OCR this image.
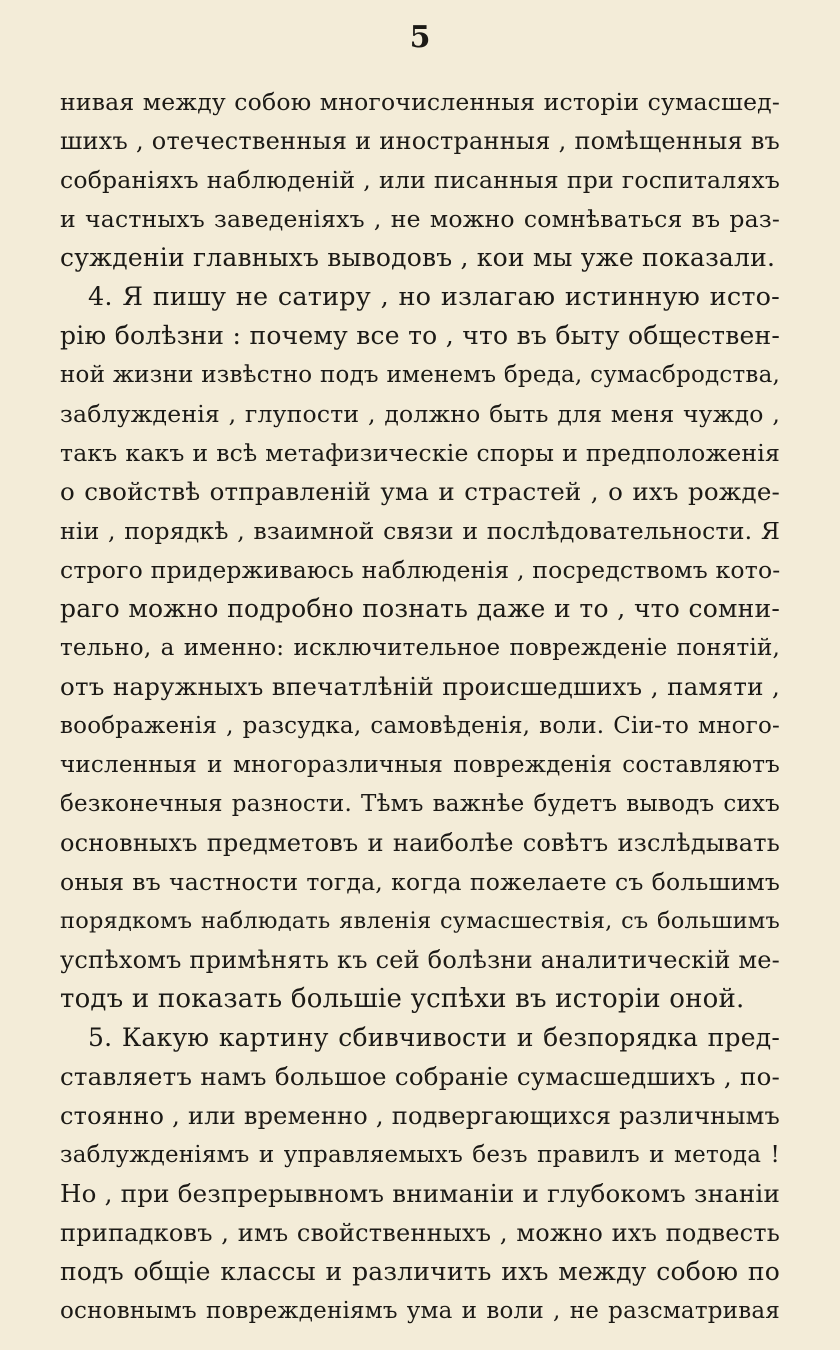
5
нивая между собою многочисленныя исторіи сумасшед-
шихъ , отечественныя и иностранныя , помѣщенныя въ
собраніяхъ наблюденій , или писанныя при госпиталяхъ
и частныхъ заведеніяхъ , не можно сомнѣваться въ раз-
сужденіи главныхъ выводовъ , кои мы уже показали.
4. Я пишу не сатиру , но излагаю истинную исто-
рію болѣзни : почему все то , что въ быту обществен-
ной жизни извѣстно подъ именемъ бреда, сумасбродства,
заблужденія , глупости , должно быть для меня чуждо ,
такъ какъ и всѣ метафизическіе споры и предположенія
о свойствѣ отправленій ума и страстей , о ихъ рожде-
ніи , порядкѣ , взаимной связи и послѣдовательности. Я
строго придерживаюсь наблюденія , посредствомъ кото-
раго можно подробно познать даже и то , что сомни-
тельно, а именно: исключительное поврежденіе понятій,
отъ наружныхъ впечатлѣній происшедшихъ , памяти ,
воображенія , разсудка, самовѣденія, воли. Сіи-то много-
численныя и многоразличныя поврежденія составляютъ
безконечныя разности. Тѣмъ важнѣе будетъ выводъ сихъ
основныхъ предметовъ и наиболѣе совѣтъ изслѣдывать
оныя въ частности тогда, когда пожелаете съ большимъ
порядкомъ наблюдать явленія сумасшествія, съ большимъ
успѣхомъ примѣнять къ сей болѣзни аналитическій ме-
тодъ и показать большіе успѣхи въ исторіи оной.
5. Какую картину сбивчивости и безпорядка пред-
ставляетъ намъ большое собраніе сумасшедшихъ , по-
стоянно , или временно , подвергающихся различнымъ
заблужденіямъ и управляемыхъ безъ правилъ и метода !
Но , при безпрерывномъ вниманіи и глубокомъ знаніи
припадковъ , имъ свойственныхъ , можно ихъ подвесть
подъ общіе классы и различить ихъ между собою по
основнымъ поврежденіямъ ума и воли , не разсматривая
